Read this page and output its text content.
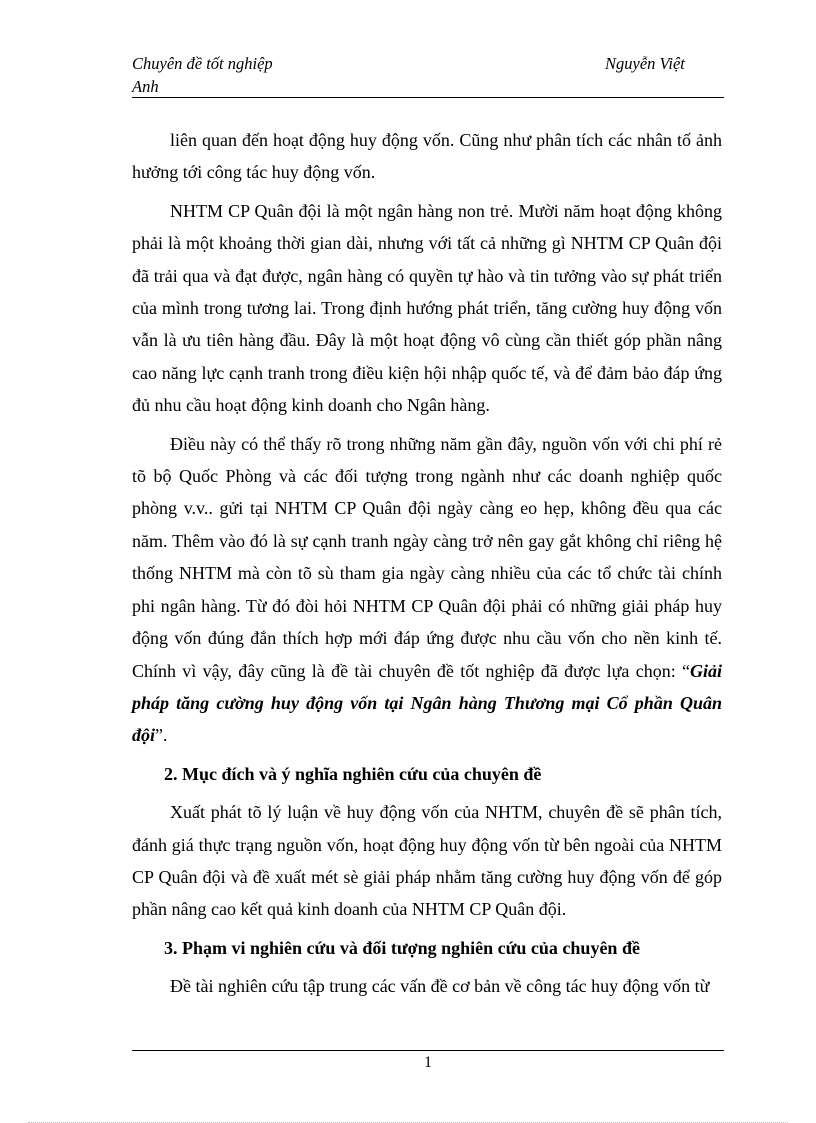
Chuyên đề tốt nghiệp	Nguyễn Việt
Anh

liên quan đến hoạt động huy động vốn. Cũng như phân tích các nhân tố ảnh hưởng tới công tác huy động vốn.

NHTM CP Quân đội là một ngân hàng non trẻ. Mười năm hoạt động không phải là một khoảng thời gian dài, nhưng với tất cả những gì NHTM CP Quân đội đã trải qua và đạt được, ngân hàng có quyền tự hào và tin tưởng vào sự phát triển của mình trong tương lai. Trong định hướng phát triển, tăng cường huy động vốn vẫn là ưu tiên hàng đầu. Đây là một hoạt động vô cùng cần thiết góp phần nâng cao năng lực cạnh tranh trong điều kiện hội nhập quốc tế, và để đảm bảo đáp ứng đủ nhu cầu hoạt động kinh doanh cho Ngân hàng.

Điều này có thể thấy rõ trong những năm gần đây, nguồn vốn với chi phí rẻ tõ bộ Quốc Phòng và các đối tượng trong ngành như các doanh nghiệp quốc phòng v.v.. gửi tại NHTM CP Quân đội ngày càng eo hẹp, không đều qua các năm. Thêm vào đó là sự cạnh tranh ngày càng trở nên gay gắt không chỉ riêng hệ thống NHTM mà còn tõ sù tham gia ngày càng nhiều của các tổ chức tài chính phi ngân hàng. Từ đó đòi hỏi NHTM CP Quân đội phải có những giải pháp huy động vốn đúng đắn thích hợp mới đáp ứng được nhu cầu vốn cho nền kinh tế. Chính vì vậy, đây cũng là đề tài chuyên đề tốt nghiệp đã được lựa chọn: “Giải pháp tăng cường huy động vốn tại Ngân hàng Thương mại Cổ phần Quân đội”.

2. Mục đích và ý nghĩa nghiên cứu của chuyên đề

Xuất phát tõ lý luận về huy động vốn của NHTM, chuyên đề sẽ phân tích, đánh giá thực trạng nguồn vốn, hoạt động huy động vốn từ bên ngoài của NHTM CP Quân đội và đề xuất mét sè giải pháp nhằm tăng cường huy động vốn để góp phần nâng cao kết quả kinh doanh của NHTM CP Quân đội.

3. Phạm vi nghiên cứu và đối tượng nghiên cứu của chuyên đề

Đề tài nghiên cứu tập trung các vấn đề cơ bản về công tác huy động vốn từ

1
